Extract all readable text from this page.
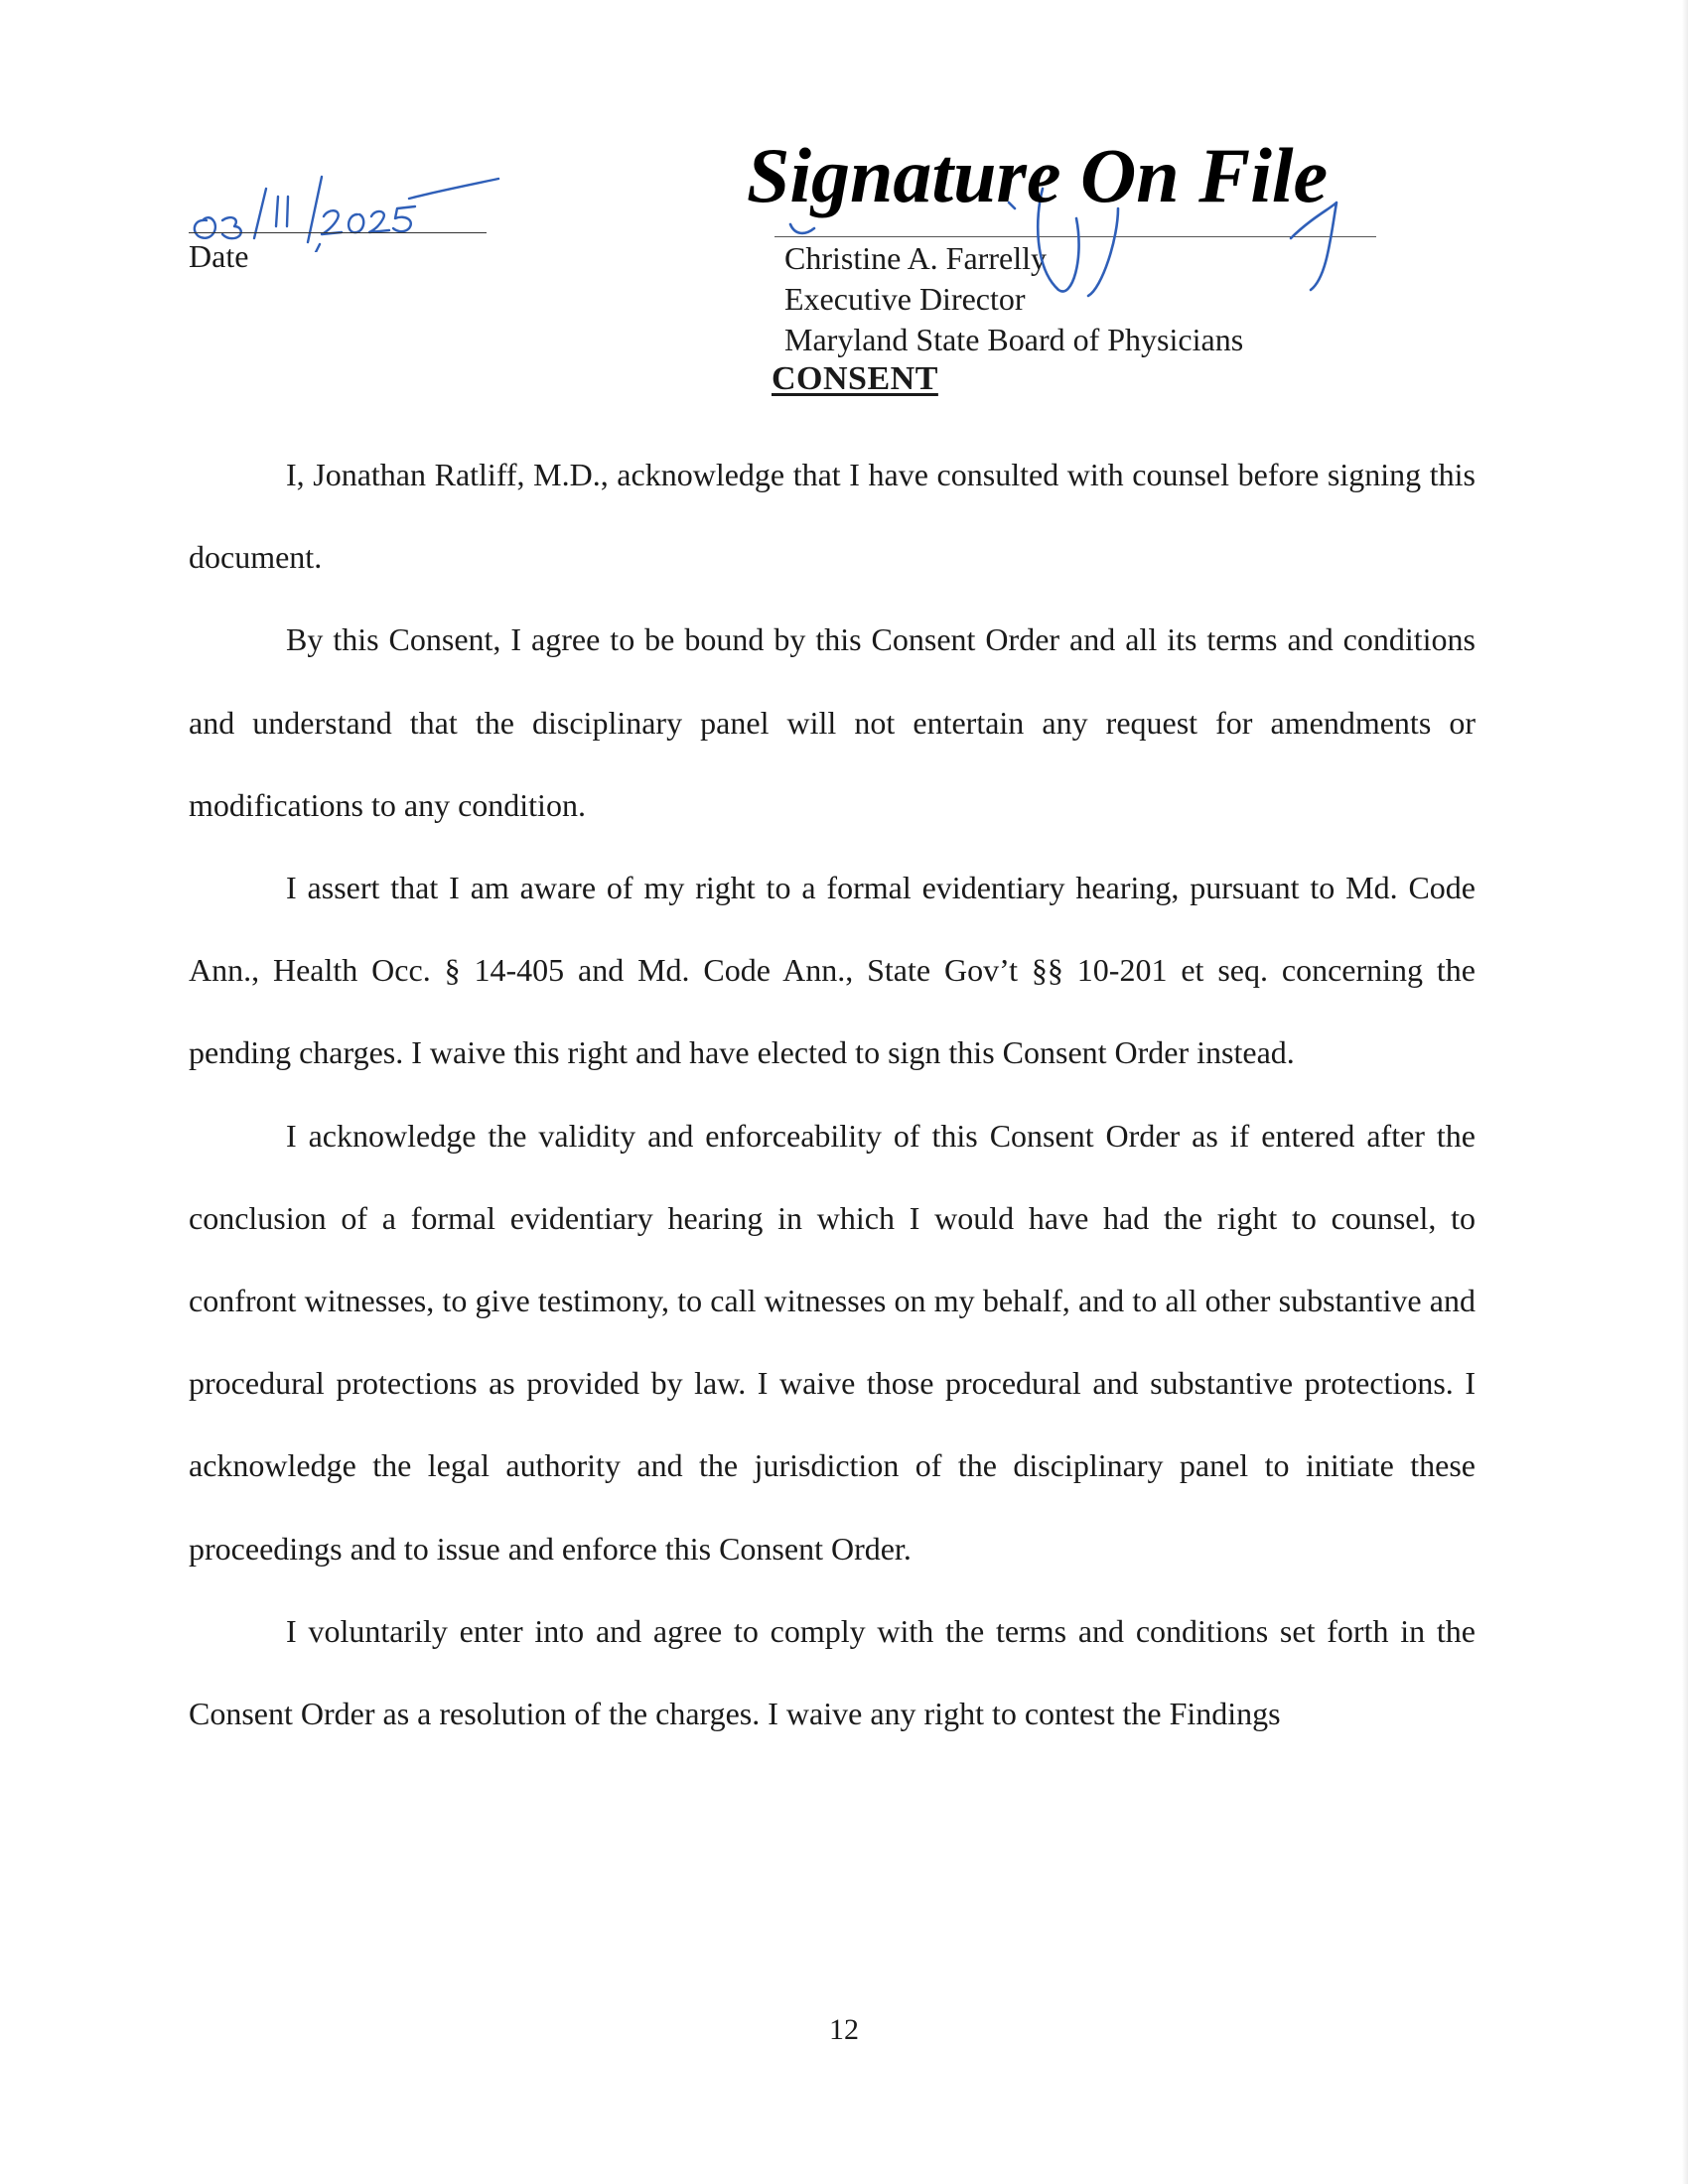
Date
Signature On File
Christine A. Farrelly
Executive Director
Maryland State Board of Physicians
CONSENT

I, Jonathan Ratliff, M.D., acknowledge that I have consulted with counsel before signing this document.

By this Consent, I agree to be bound by this Consent Order and all its terms and conditions and understand that the disciplinary panel will not entertain any request for amendments or modifications to any condition.

I assert that I am aware of my right to a formal evidentiary hearing, pursuant to Md. Code Ann., Health Occ. § 14-405 and Md. Code Ann., State Gov’t §§ 10-201 et seq. concerning the pending charges. I waive this right and have elected to sign this Consent Order instead.

I acknowledge the validity and enforceability of this Consent Order as if entered after the conclusion of a formal evidentiary hearing in which I would have had the right to counsel, to confront witnesses, to give testimony, to call witnesses on my behalf, and to all other substantive and procedural protections as provided by law. I waive those procedural and substantive protections. I acknowledge the legal authority and the jurisdiction of the disciplinary panel to initiate these proceedings and to issue and enforce this Consent Order.

I voluntarily enter into and agree to comply with the terms and conditions set forth in the Consent Order as a resolution of the charges. I waive any right to contest the Findings

12
